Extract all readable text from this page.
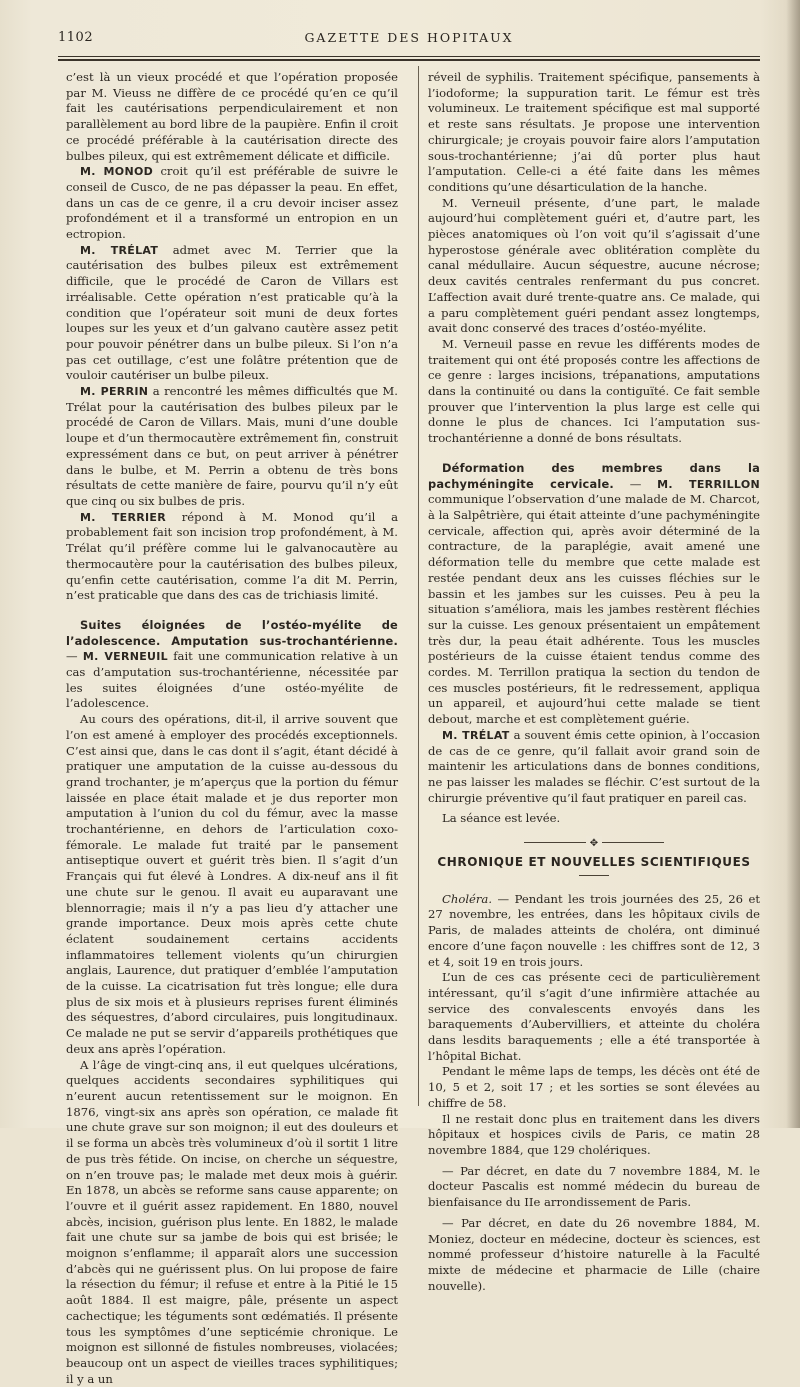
1102	GAZETTE DES HOPITAUX

c’est là un vieux procédé et que l’opération proposée par M. Vieuss ne diffère de ce procédé qu’en ce qu’il fait les cautérisations perpendiculairement et non parallèlement au bord libre de la paupière. Enfin il croit ce procédé préférable à la cautérisation directe des bulbes pileux, qui est extrêmement délicate et difficile.

M. MONOD croit qu’il est préférable de suivre le conseil de Cusco, de ne pas dépasser la peau. En effet, dans un cas de ce genre, il a cru devoir inciser assez profondément et il a transformé un entropion en un ectropion.

M. TRÉLAT admet avec M. Terrier que la cautérisation des bulbes pileux est extrêmement difficile, que le procédé de Caron de Villars est irréalisable. Cette opération n’est praticable qu’à la condition que l’opérateur soit muni de deux fortes loupes sur les yeux et d’un galvano cautère assez petit pour pouvoir pénétrer dans un bulbe pileux. Si l’on n’a pas cet outillage, c’est une folâtre prétention que de vouloir cautériser un bulbe pileux.

M. PERRIN a rencontré les mêmes difficultés que M. Trélat pour la cautérisation des bulbes pileux par le procédé de Caron de Villars. Mais, muni d’une double loupe et d’un thermocautère extrêmement fin, construit expressément dans ce but, on peut arriver à pénétrer dans le bulbe, et M. Perrin a obtenu de très bons résultats de cette manière de faire, pourvu qu’il n’y eût que cinq ou six bulbes de pris.

M. TERRIER répond à M. Monod qu’il a probablement fait son incision trop profondément, à M. Trélat qu’il préfère comme lui le galvanocautère au thermocautère pour la cautérisation des bulbes pileux, qu’enfin cette cautérisation, comme l’a dit M. Perrin, n’est praticable que dans des cas de trichiasis limité.

Suites éloignées de l’ostéo-myélite de l’adolescence. Amputation sus-trochantérienne. — M. VERNEUIL fait une communication relative à un cas d’amputation sus-trochantérienne, nécessitée par les suites éloignées d’une ostéo-myélite de l’adolescence.

Au cours des opérations, dit-il, il arrive souvent que l’on est amené à employer des procédés exceptionnels. C’est ainsi que, dans le cas dont il s’agit, étant décidé à pratiquer une amputation de la cuisse au-dessous du grand trochanter, je m’aperçus que la portion du fémur laissée en place était malade et je dus reporter mon amputation à l’union du col du fémur, avec la masse trochantérienne, en dehors de l’articulation coxo-fémorale. Le malade fut traité par le pansement antiseptique ouvert et guérit très bien. Il s’agit d’un Français qui fut élevé à Londres. A dix-neuf ans il fit une chute sur le genou. Il avait eu auparavant une blennorragie; mais il n’y a pas lieu d’y attacher une grande importance. Deux mois après cette chute éclatent soudainement certains accidents inflammatoires tellement violents qu’un chirurgien anglais, Laurence, dut pratiquer d’emblée l’amputation de la cuisse. La cicatrisation fut très longue; elle dura plus de six mois et à plusieurs reprises furent éliminés des séquestres, d’abord circulaires, puis longitudinaux. Ce malade ne put se servir d’appareils prothétiques que deux ans après l’opération.

A l’âge de vingt-cinq ans, il eut quelques ulcérations, quelques accidents secondaires syphilitiques qui n’eurent aucun retentissement sur le moignon. En 1876, vingt-six ans après son opération, ce malade fit une chute grave sur son moignon; il eut des douleurs et il se forma un abcès très volumineux d’où il sortit 1 litre de pus très fétide. On incise, on cherche un séquestre, on n’en trouve pas; le malade met deux mois à guérir. En 1878, un abcès se reforme sans cause apparente; on l’ouvre et il guérit assez rapidement. En 1880, nouvel abcès, incision, guérison plus lente. En 1882, le malade fait une chute sur sa jambe de bois qui est brisée; le moignon s’enflamme; il apparaît alors une succession d’abcès qui ne guérissent plus. On lui propose de faire la résection du fémur; il refuse et entre à la Pitié le 15 août 1884. Il est maigre, pâle, présente un aspect cachectique; les téguments sont œdématiés. Il présente tous les symptômes d’une septicémie chronique. Le moignon est sillonné de fistules nombreuses, violacées; beaucoup ont un aspect de vieilles traces syphilitiques; il y a un

réveil de syphilis. Traitement spécifique, pansements à l’iodoforme; la suppuration tarit. Le fémur est très volumineux. Le traitement spécifique est mal supporté et reste sans résultats. Je propose une intervention chirurgicale; je croyais pouvoir faire alors l’amputation sous-trochantérienne; j’ai dû porter plus haut l’amputation. Celle-ci a été faite dans les mêmes conditions qu’une désarticulation de la hanche.

M. Verneuil présente, d’une part, le malade aujourd’hui complètement guéri et, d’autre part, les pièces anatomiques où l’on voit qu’il s’agissait d’une hyperostose générale avec oblitération complète du canal médullaire. Aucun séquestre, aucune nécrose; deux cavités centrales renfermant du pus concret. L’affection avait duré trente-quatre ans. Ce malade, qui a paru complètement guéri pendant assez longtemps, avait donc conservé des traces d’ostéo-myélite.

M. Verneuil passe en revue les différents modes de traitement qui ont été proposés contre les affections de ce genre : larges incisions, trépanations, amputations dans la continuité ou dans la contiguïté. Ce fait semble prouver que l’intervention la plus large est celle qui donne le plus de chances. Ici l’amputation sus-trochantérienne a donné de bons résultats.

Déformation des membres dans la pachyméningite cervicale. — M. TERRILLON communique l’observation d’une malade de M. Charcot, à la Salpêtrière, qui était atteinte d’une pachyméningite cervicale, affection qui, après avoir déterminé de la contracture, de la paraplégie, avait amené une déformation telle du membre que cette malade est restée pendant deux ans les cuisses fléchies sur le bassin et les jambes sur les cuisses. Peu à peu la situation s’améliora, mais les jambes restèrent fléchies sur la cuisse. Les genoux présentaient un empâtement très dur, la peau était adhérente. Tous les muscles postérieurs de la cuisse étaient tendus comme des cordes. M. Terrillon pratiqua la section du tendon de ces muscles postérieurs, fit le redressement, appliqua un appareil, et aujourd’hui cette malade se tient debout, marche et est complètement guérie.

M. TRÉLAT a souvent émis cette opinion, à l’occasion de cas de ce genre, qu’il fallait avoir grand soin de maintenir les articulations dans de bonnes conditions, ne pas laisser les malades se fléchir. C’est surtout de la chirurgie préventive qu’il faut pratiquer en pareil cas.

La séance est levée.

✥
CHRONIQUE ET NOUVELLES SCIENTIFIQUES

Choléra. — Pendant les trois journées des 25, 26 et 27 novembre, les entrées, dans les hôpitaux civils de Paris, de malades atteints de choléra, ont diminué encore d’une façon nouvelle : les chiffres sont de 12, 3 et 4, soit 19 en trois jours.

L’un de ces cas présente ceci de particulièrement intéressant, qu’il s’agit d’une infirmière attachée au service des convalescents envoyés dans les baraquements d’Aubervilliers, et atteinte du choléra dans lesdits baraquements ; elle a été transportée à l’hôpital Bichat.

Pendant le même laps de temps, les décès ont été de 10, 5 et 2, soit 17 ; et les sorties se sont élevées au chiffre de 58.

Il ne restait donc plus en traitement dans les divers hôpitaux et hospices civils de Paris, ce matin 28 novembre 1884, que 129 cholériques.

— Par décret, en date du 7 novembre 1884, M. le docteur Pascalis est nommé médecin du bureau de bienfaisance du IIe arrondissement de Paris.

— Par décret, en date du 26 novembre 1884, M. Moniez, docteur en médecine, docteur ès sciences, est nommé professeur d’histoire naturelle à la Faculté mixte de médecine et pharmacie de Lille (chaire nouvelle).
